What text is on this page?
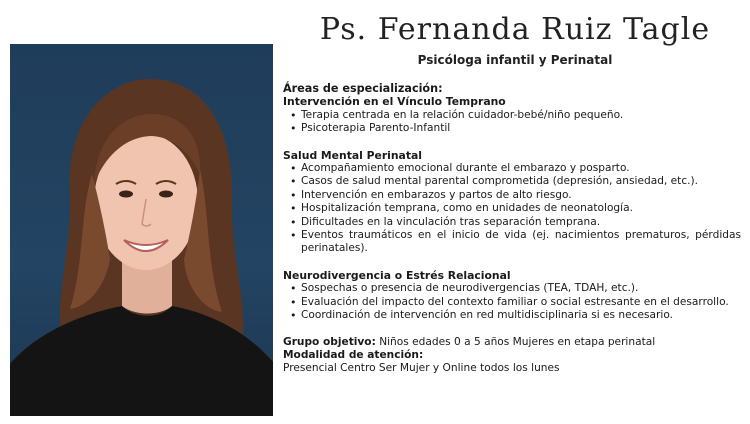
Ps. Fernanda Ruiz Tagle
Psicóloga infantil y Perinatal
Áreas de especialización:
Intervención en el Vínculo Temprano
• Terapia centrada en la relación cuidador-bebé/niño pequeño.
• Psicoterapia Parento-Infantil
Salud Mental Perinatal
• Acompañamiento emocional durante el embarazo y posparto.
• Casos de salud mental parental comprometida (depresión, ansiedad, etc.).
• Intervención en embarazos y partos de alto riesgo.
• Hospitalización temprana, como en unidades de neonatología.
• Dificultades en la vinculación tras separación temprana.
• Eventos traumáticos en el inicio de vida (ej. nacimientos prematuros, pérdidas perinatales).
Neurodivergencia o Estrés Relacional
• Sospechas o presencia de neurodivergencias (TEA, TDAH, etc.).
• Evaluación del impacto del contexto familiar o social estresante en el desarrollo.
• Coordinación de intervención en red multidisciplinaria si es necesario.
Grupo objetivo: Niños edades 0 a 5 años Mujeres en etapa perinatal
Modalidad de atención:
Presencial Centro Ser Mujer y Online todos los lunes
